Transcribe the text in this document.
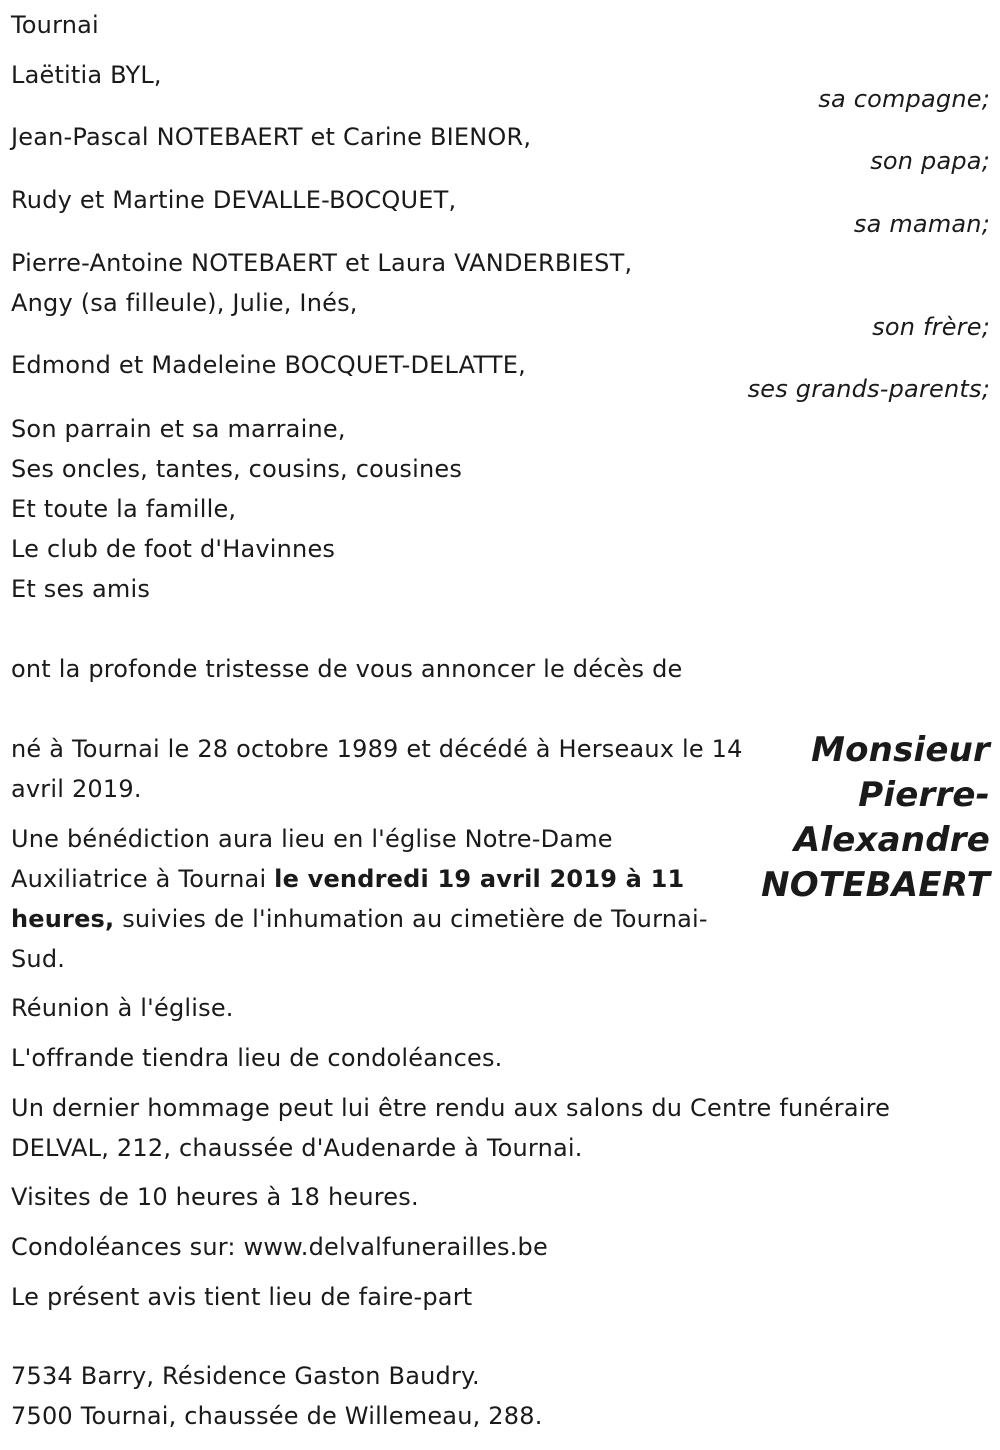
Tournai
Laëtitia BYL,
sa compagne;
Jean-Pascal NOTEBAERT et Carine BIENOR,
son papa;
Rudy et Martine DEVALLE-BOCQUET,
sa maman;
Pierre-Antoine NOTEBAERT et Laura VANDERBIEST,
Angy (sa filleule), Julie, Inés,
son frère;
Edmond et Madeleine BOCQUET-DELATTE,
ses grands-parents;
Son parrain et sa marraine,
Ses oncles, tantes, cousins, cousines
Et toute la famille,
Le club de foot d'Havinnes
Et ses amis
ont la profonde tristesse de vous annoncer le décès de
Monsieur
Pierre-
Alexandre
NOTEBAERT
né à Tournai le 28 octobre 1989 et décédé à Herseaux le 14 avril 2019.
Une bénédiction aura lieu en l'église Notre-Dame Auxiliatrice à Tournai le vendredi 19 avril 2019 à 11 heures, suivies de l'inhumation au cimetière de Tournai-Sud.
Réunion à l'église.
L'offrande tiendra lieu de condoléances.
Un dernier hommage peut lui être rendu aux salons du Centre funéraire DELVAL, 212, chaussée d'Audenarde à Tournai.
Visites de 10 heures à 18 heures.
Condoléances sur: www.delvalfunerailles.be
Le présent avis tient lieu de faire-part
7534 Barry, Résidence Gaston Baudry.
7500 Tournai, chaussée de Willemeau, 288.
